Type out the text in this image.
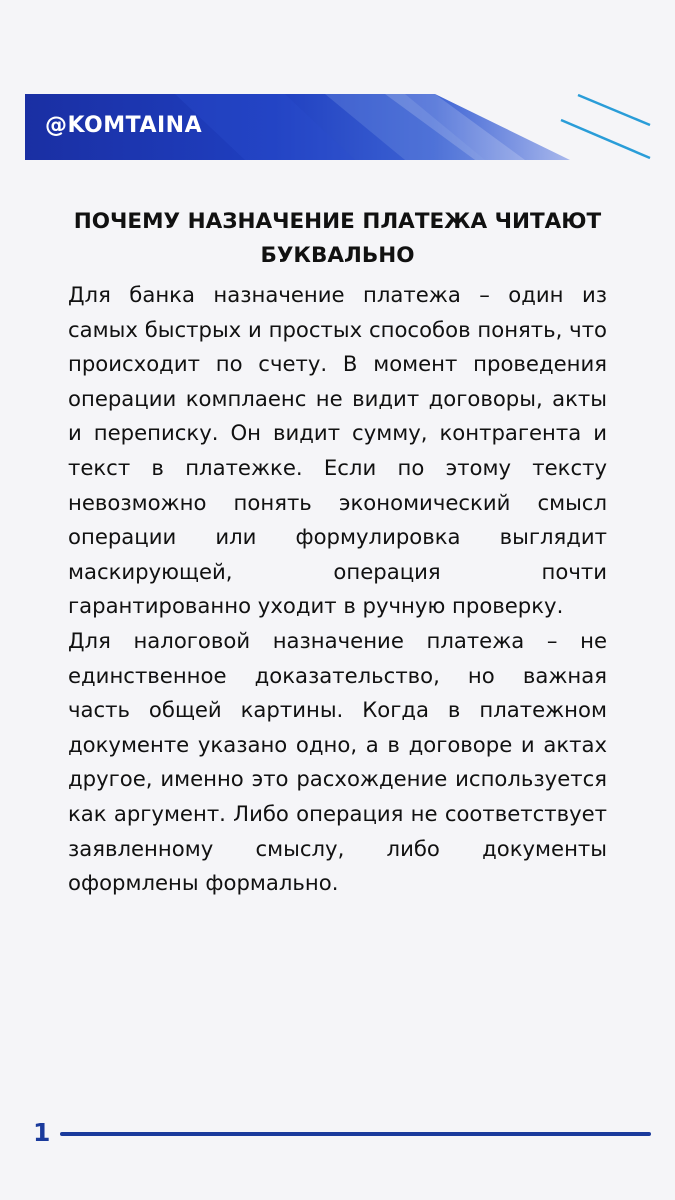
@KOMTAINA
ПОЧЕМУ НАЗНАЧЕНИЕ ПЛАТЕЖА ЧИТАЮТ БУКВАЛЬНО

Для банка назначение платежа – один из самых быстрых и простых способов понять, что происходит по счету. В момент проведения операции комплаенс не видит договоры, акты и переписку. Он видит сумму, контрагента и текст в платежке. Если по этому тексту невозможно понять экономический смысл операции или формулировка выглядит маскирующей, операция почти гарантированно уходит в ручную проверку.

Для налоговой назначение платежа – не единственное доказательство, но важная часть общей картины. Когда в платежном документе указано одно, а в договоре и актах другое, именно это расхождение используется как аргумент. Либо операция не соответствует заявленному смыслу, либо документы оформлены формально.

1
